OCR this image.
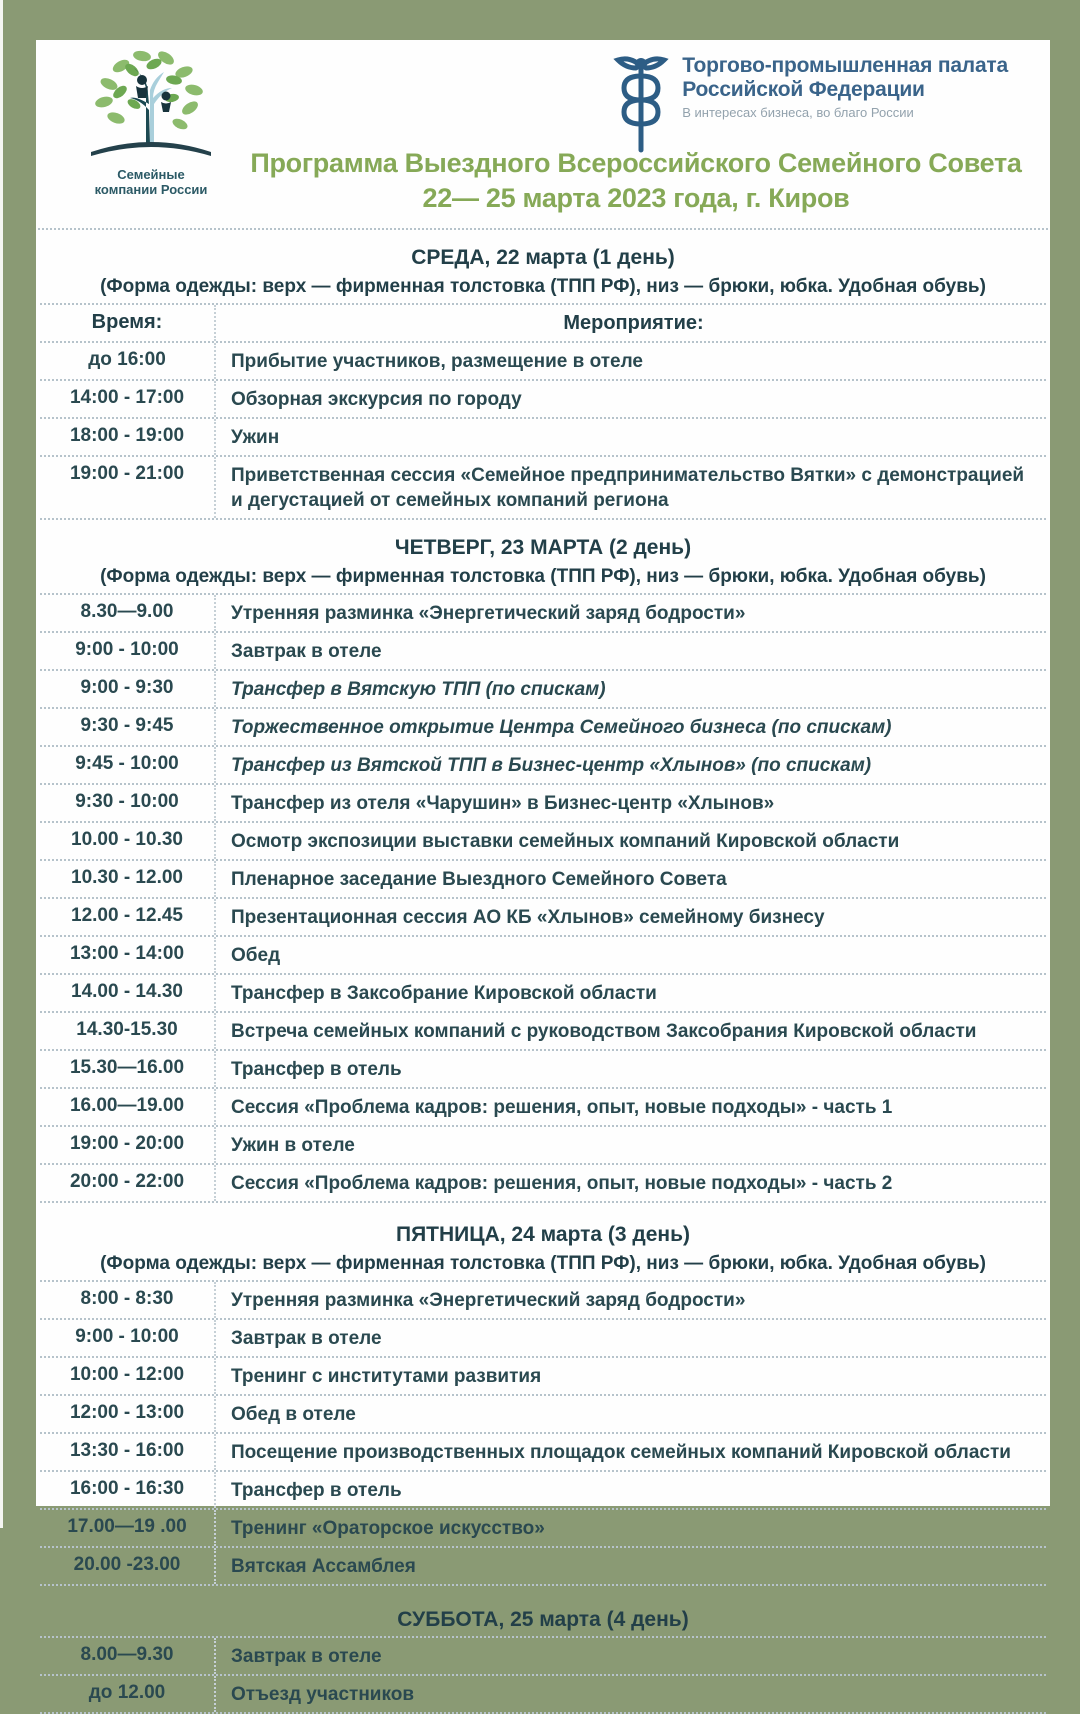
Семейные
компании России
Торгово-промышленная палата
Российской Федерации
В интересах бизнеса, во благо России
Программа Выездного Всероссийского Семейного Совета
22— 25 марта 2023 года, г. Киров
СРЕДА, 22 марта (1 день)

(Форма одежды: верх — фирменная толстовка (ТПП РФ), низ — брюки, юбка. Удобная обувь)

Время:	Мероприятие:
до 16:00	Прибытие участников, размещение в отеле
14:00 - 17:00	Обзорная экскурсия по городу
18:00 - 19:00	Ужин
19:00 - 21:00	Приветственная сессия «Семейное предпринимательство Вятки» с демонстрацией и дегустацией от семейных компаний региона
ЧЕТВЕРГ, 23 МАРТА (2 день)

(Форма одежды: верх — фирменная толстовка (ТПП РФ), низ — брюки, юбка. Удобная обувь)

8.30—9.00	Утренняя разминка «Энергетический заряд бодрости»
9:00 - 10:00	Завтрак в отеле
9:00 - 9:30	Трансфер в Вятскую ТПП (по спискам)
9:30 - 9:45	Торжественное открытие Центра Семейного бизнеса (по спискам)
9:45 - 10:00	Трансфер из Вятской ТПП в Бизнес-центр «Хлынов» (по спискам)
9:30 - 10:00	Трансфер из отеля «Чарушин» в Бизнес-центр «Хлынов»
10.00 - 10.30	Осмотр экспозиции выставки семейных компаний Кировской области
10.30 - 12.00	Пленарное заседание Выездного Семейного Совета
12.00 - 12.45	Презентационная сессия АО КБ «Хлынов» семейному бизнесу
13:00 - 14:00	Обед
14.00 - 14.30	Трансфер в Заксобрание Кировской области
14.30-15.30	Встреча семейных компаний с руководством Заксобрания Кировской области
15.30—16.00	Трансфер в отель
16.00—19.00	Сессия «Проблема кадров: решения, опыт, новые подходы» - часть 1
19:00 - 20:00	Ужин в отеле
20:00 - 22:00	Сессия «Проблема кадров: решения, опыт, новые подходы» - часть 2
ПЯТНИЦА, 24 марта (3 день)

(Форма одежды: верх — фирменная толстовка (ТПП РФ), низ — брюки, юбка. Удобная обувь)

8:00 - 8:30	Утренняя разминка «Энергетический заряд бодрости»
9:00 - 10:00	Завтрак в отеле
10:00 - 12:00	Тренинг с институтами развития
12:00 - 13:00	Обед в отеле
13:30 - 16:00	Посещение производственных площадок семейных компаний Кировской области
16:00 - 16:30	Трансфер в отель
17.00—19 .00	Тренинг «Ораторское искусство»
20.00 -23.00	Вятская Ассамблея
СУББОТА, 25 марта (4 день)
8.00—9.30	Завтрак в отеле
до 12.00	Отъезд участников
